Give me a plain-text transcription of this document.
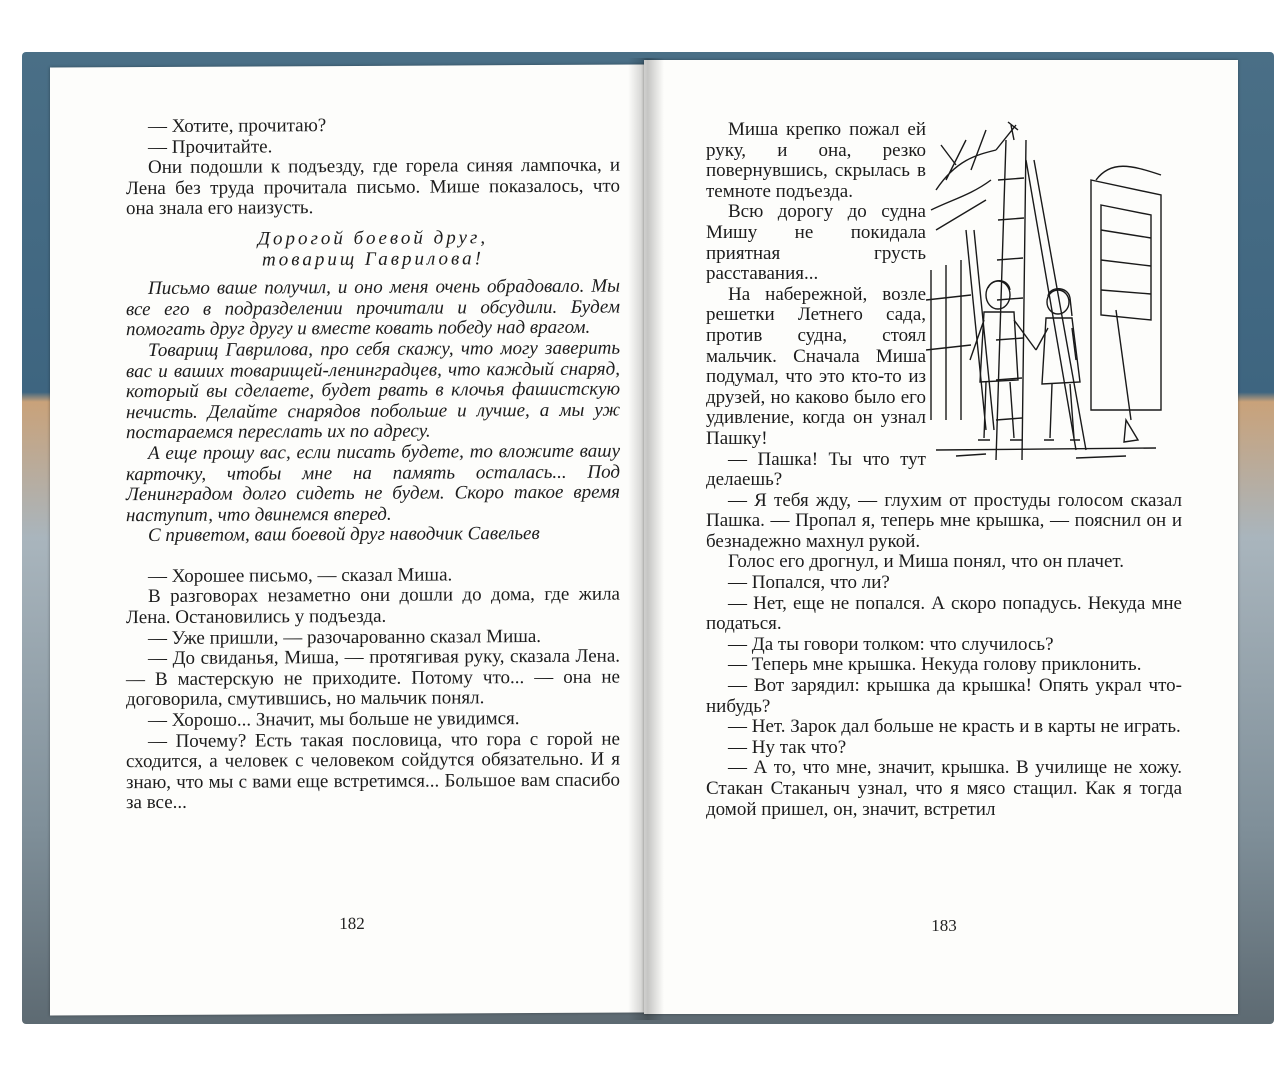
— Хотите, прочитаю?

— Прочитайте.

Они подошли к подъезду, где горела синяя лампочка, и Лена без труда прочитала письмо. Мише показалось, что она знала его наизусть.

Дорогой боевой друг,
товарищ Гаврилова!

Письмо ваше получил, и оно меня очень обрадовало. Мы все его в подразделении прочитали и обсудили. Будем помогать друг другу и вместе ковать победу над врагом.

Товарищ Гаврилова, про себя скажу, что могу заверить вас и ваших товарищей-ленинградцев, что каждый снаряд, который вы сделаете, будет рвать в клочья фашистскую нечисть. Делайте снарядов побольше и лучше, а мы уж постараемся переслать их по адресу.

А еще прошу вас, если писать будете, то вложите вашу карточку, чтобы мне на память осталась... Под Ленинградом долго сидеть не будем. Скоро такое время наступит, что двинемся вперед.

С приветом, ваш боевой друг наводчик Савельев

— Хорошее письмо, — сказал Миша.

В разговорах незаметно они дошли до дома, где жила Лена. Остановились у подъезда.

— Уже пришли, — разочарованно сказал Миша.

— До свиданья, Миша, — протягивая руку, сказала Лена. — В мастерскую не приходите. Потому что... — она не договорила, смутившись, но мальчик понял.

— Хорошо... Значит, мы больше не увидимся.

— Почему? Есть такая пословица, что гора с горой не сходится, а человек с человеком сойдутся обязательно. И я знаю, что мы с вами еще встретимся... Большое вам спасибо за все...

182

Миша крепко пожал ей руку, и она, резко повернувшись, скрылась в темноте подъезда.

Всю дорогу до судна Мишу не покидала приятная грусть расставания...

На набережной, возле решетки Летнего сада, против судна, стоял мальчик. Сначала Миша подумал, что это кто-то из друзей, но каково было его удивление, когда он узнал Пашку!

— Пашка! Ты что тут делаешь?

— Я тебя жду, — глухим от простуды голосом сказал Пашка. — Пропал я, теперь мне крышка, — пояснил он и безнадежно махнул рукой.

Голос его дрогнул, и Миша понял, что он плачет.

— Попался, что ли?

— Нет, еще не попался. А скоро попадусь. Некуда мне податься.

— Да ты говори толком: что случилось?

— Теперь мне крышка. Некуда голову приклонить.

— Вот зарядил: крышка да крышка! Опять украл что-нибудь?

— Нет. Зарок дал больше не красть и в карты не играть.

— Ну так что?

— А то, что мне, значит, крышка. В училище не хожу. Стакан Стаканыч узнал, что я мясо стащил. Как я тогда домой пришел, он, значит, встретил

183
